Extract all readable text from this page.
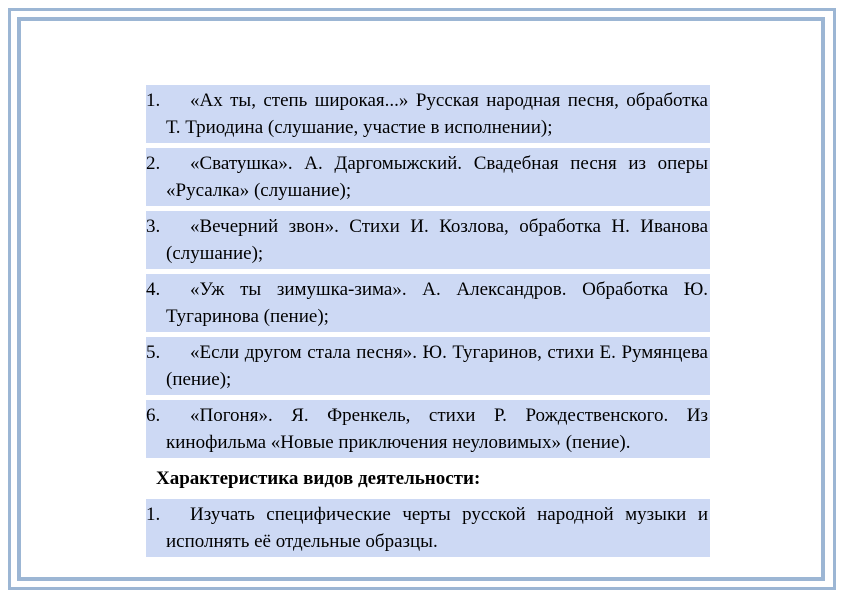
1.	«Ах ты, степь широкая...» Русская народная песня, обработка Т. Триодина (слушание, участие в исполнении);
2.	«Сватушка». А. Даргомыжский. Свадебная песня из оперы «Русалка» (слушание);
3.	«Вечерний звон». Стихи И. Козлова, обработка Н. Иванова (слушание);
4.	«Уж ты зимушка-зима». А. Александров. Обработка Ю. Тугаринова (пение);
5.	«Если другом стала песня». Ю. Тугаринов, стихи Е. Румянцева (пение);
6.	«Погоня». Я. Френкель, стихи Р. Рождественского. Из кинофильма «Новые приключения неуловимых» (пение).
Характеристика видов деятельности:
1.	Изучать специфические черты русской народной музыки и исполнять её отдельные образцы.
